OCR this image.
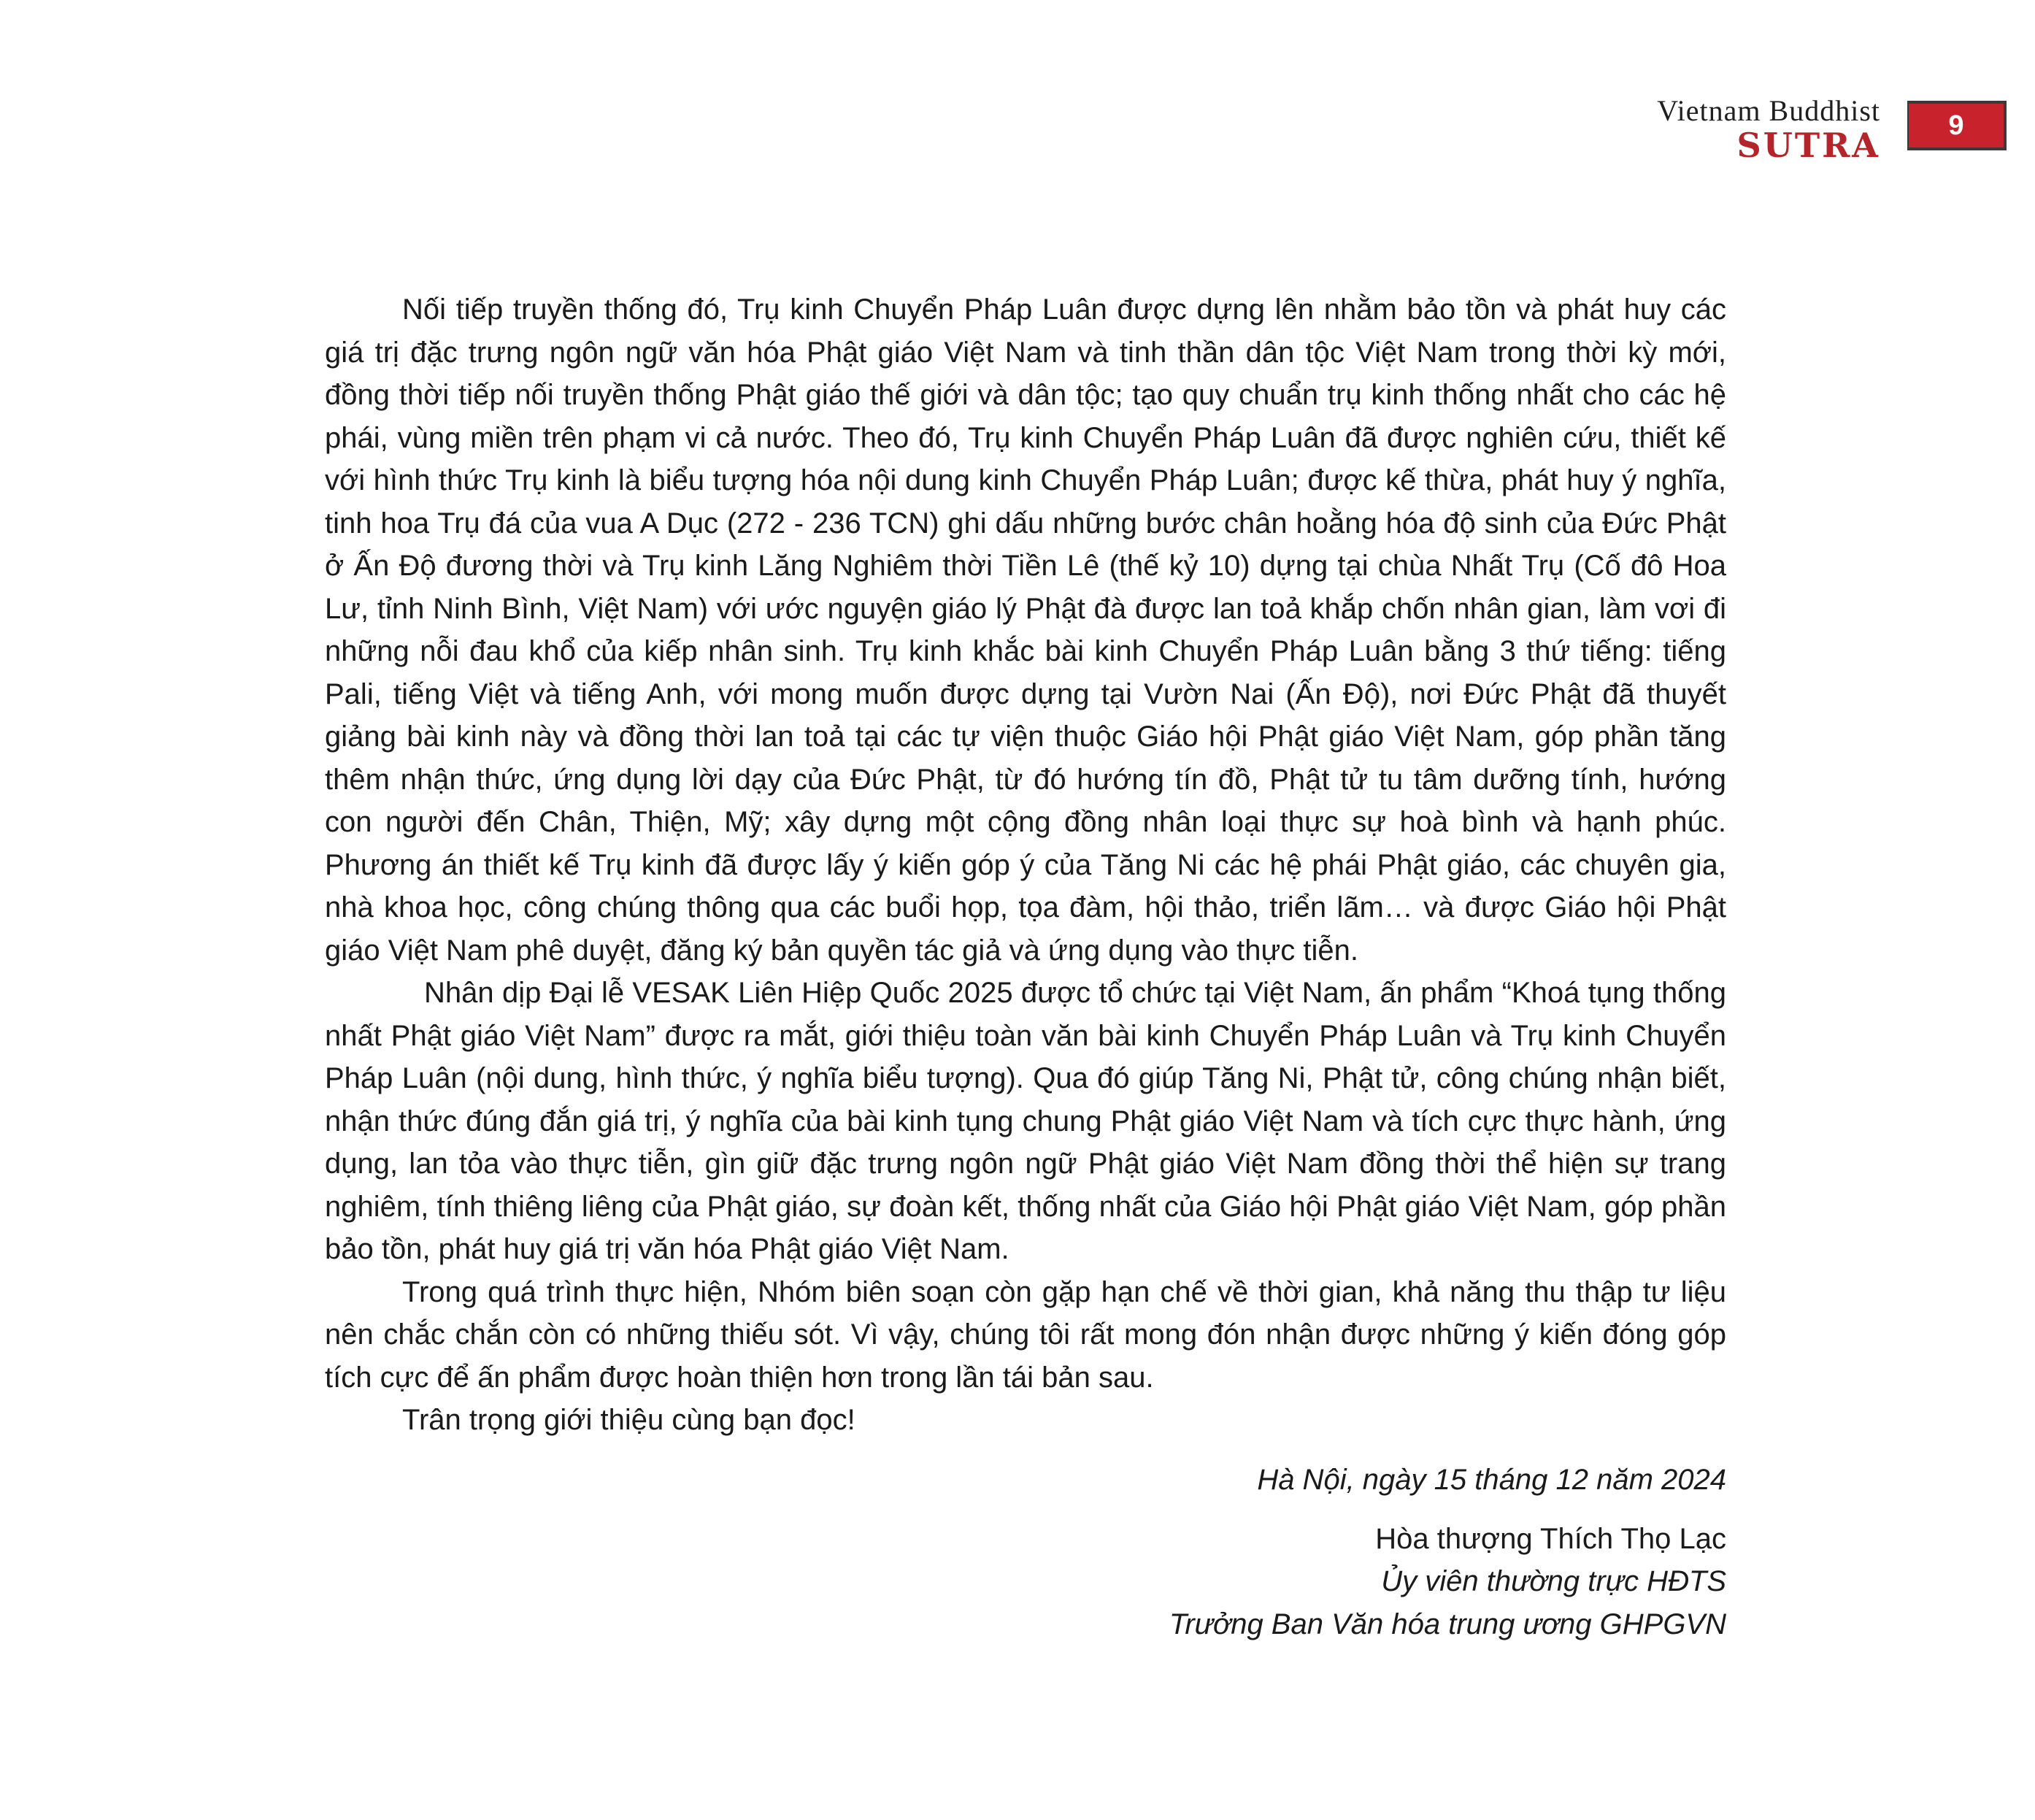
Vietnam Buddhist
SUTRA
9

Nối tiếp truyền thống đó, Trụ kinh Chuyển Pháp Luân được dựng lên nhằm bảo tồn và phát huy các giá trị đặc trưng ngôn ngữ văn hóa Phật giáo Việt Nam và tinh thần dân tộc Việt Nam trong thời kỳ mới, đồng thời tiếp nối truyền thống Phật giáo thế giới và dân tộc; tạo quy chuẩn trụ kinh thống nhất cho các hệ phái, vùng miền trên phạm vi cả nước. Theo đó, Trụ kinh Chuyển Pháp Luân đã được nghiên cứu, thiết kế với hình thức Trụ kinh là biểu tượng hóa nội dung kinh Chuyển Pháp Luân; được kế thừa, phát huy ý nghĩa, tinh hoa Trụ đá của vua A Dục (272 - 236 TCN) ghi dấu những bước chân hoằng hóa độ sinh của Đức Phật ở Ấn Độ đương thời và Trụ kinh Lăng Nghiêm thời Tiền Lê (thế kỷ 10) dựng tại chùa Nhất Trụ (Cố đô Hoa Lư, tỉnh Ninh Bình, Việt Nam) với ước nguyện giáo lý Phật đà được lan toả khắp chốn nhân gian, làm vơi đi những nỗi đau khổ của kiếp nhân sinh. Trụ kinh khắc bài kinh Chuyển Pháp Luân bằng 3 thứ tiếng: tiếng Pali, tiếng Việt và tiếng Anh, với mong muốn được dựng tại Vườn Nai (Ấn Độ), nơi Đức Phật đã thuyết giảng bài kinh này và đồng thời lan toả tại các tự viện thuộc Giáo hội Phật giáo Việt Nam, góp phần tăng thêm nhận thức, ứng dụng lời dạy của Đức Phật, từ đó hướng tín đồ, Phật tử tu tâm dưỡng tính, hướng con người đến Chân, Thiện, Mỹ; xây dựng một cộng đồng nhân loại thực sự hoà bình và hạnh phúc. Phương án thiết kế Trụ kinh đã được lấy ý kiến góp ý của Tăng Ni các hệ phái Phật giáo, các chuyên gia, nhà khoa học, công chúng thông qua các buổi họp, tọa đàm, hội thảo, triển lãm… và được Giáo hội Phật giáo Việt Nam phê duyệt, đăng ký bản quyền tác giả và ứng dụng vào thực tiễn.

Nhân dịp Đại lễ VESAK Liên Hiệp Quốc 2025 được tổ chức tại Việt Nam, ấn phẩm “Khoá tụng thống nhất Phật giáo Việt Nam” được ra mắt, giới thiệu toàn văn bài kinh Chuyển Pháp Luân và Trụ kinh Chuyển Pháp Luân (nội dung, hình thức, ý nghĩa biểu tượng). Qua đó giúp Tăng Ni, Phật tử, công chúng nhận biết, nhận thức đúng đắn giá trị, ý nghĩa của bài kinh tụng chung Phật giáo Việt Nam và tích cực thực hành, ứng dụng, lan tỏa vào thực tiễn, gìn giữ đặc trưng ngôn ngữ Phật giáo Việt Nam đồng thời thể hiện sự trang nghiêm, tính thiêng liêng của Phật giáo, sự đoàn kết, thống nhất của Giáo hội Phật giáo Việt Nam, góp phần bảo tồn, phát huy giá trị văn hóa Phật giáo Việt Nam.

Trong quá trình thực hiện, Nhóm biên soạn còn gặp hạn chế về thời gian, khả năng thu thập tư liệu nên chắc chắn còn có những thiếu sót. Vì vậy, chúng tôi rất mong đón nhận được những ý kiến đóng góp tích cực để ấn phẩm được hoàn thiện hơn trong lần tái bản sau.

Trân trọng giới thiệu cùng bạn đọc!

Hà Nội, ngày 15 tháng 12 năm 2024
Hòa thượng Thích Thọ Lạc
Ủy viên thường trực HĐTS
Trưởng Ban Văn hóa trung ương GHPGVN
